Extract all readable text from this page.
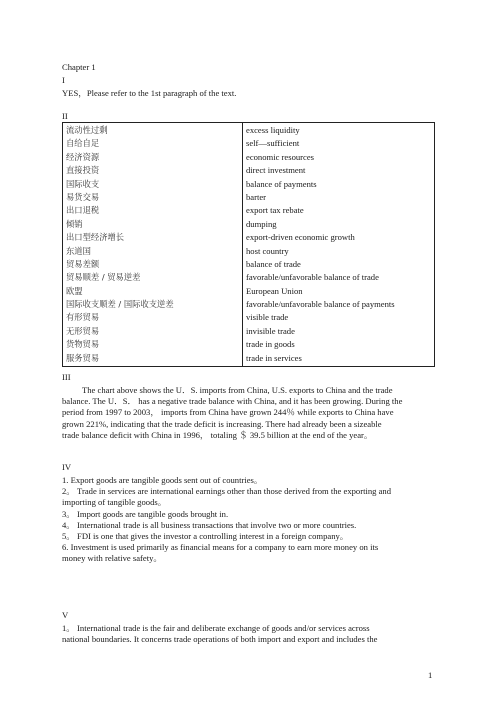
Chapter 1
I
YES，Please refer to the 1st paragraph of the text.
II
流动性过剩	excess liquidity
自给自足	self—sufficient
经济资源	economic resources
直接投资	direct investment
国际收支	balance of payments
易货交易	barter
出口退税	export tax rebate
倾销	dumping
出口型经济增长	export-driven economic growth
东道国	host country
贸易差额	balance of trade
贸易顺差 / 贸易逆差	favorable/unfavorable balance of trade
欧盟	European Union
国际收支顺差 / 国际收支逆差	favorable/unfavorable balance of payments
有形贸易	visible trade
无形贸易	invisible trade
货物贸易	trade in goods
服务贸易	trade in services
III
The chart above shows the U．S. imports from China, U.S. exports to China and the trade
balance. The U．S． has a negative trade balance with China, and it has been growing. During the
period from 1997 to 2003， imports from China have grown 244％ while exports to China have
grown 221%, indicating that the trade deficit is increasing. There had already been a sizeable
trade balance deficit with China in 1996， totaling ＄ 39.5 billion at the end of the year。
IV
1. Export goods are tangible goods sent out of countries。
2。 Trade in services are international earnings other than those derived from the exporting and
importing of tangible goods。
3。 Import goods are tangible goods brought in.
4。 International trade is all business transactions that involve two or more countries.
5。 FDI is one that gives the investor a controlling interest in a foreign company。
6. Investment is used primarily as financial means for a company to earn more money on its
money with relative safety。
V
1。 International trade is the fair and deliberate exchange of goods and/or services across
national boundaries. It concerns trade operations of both import and export and includes the
1
